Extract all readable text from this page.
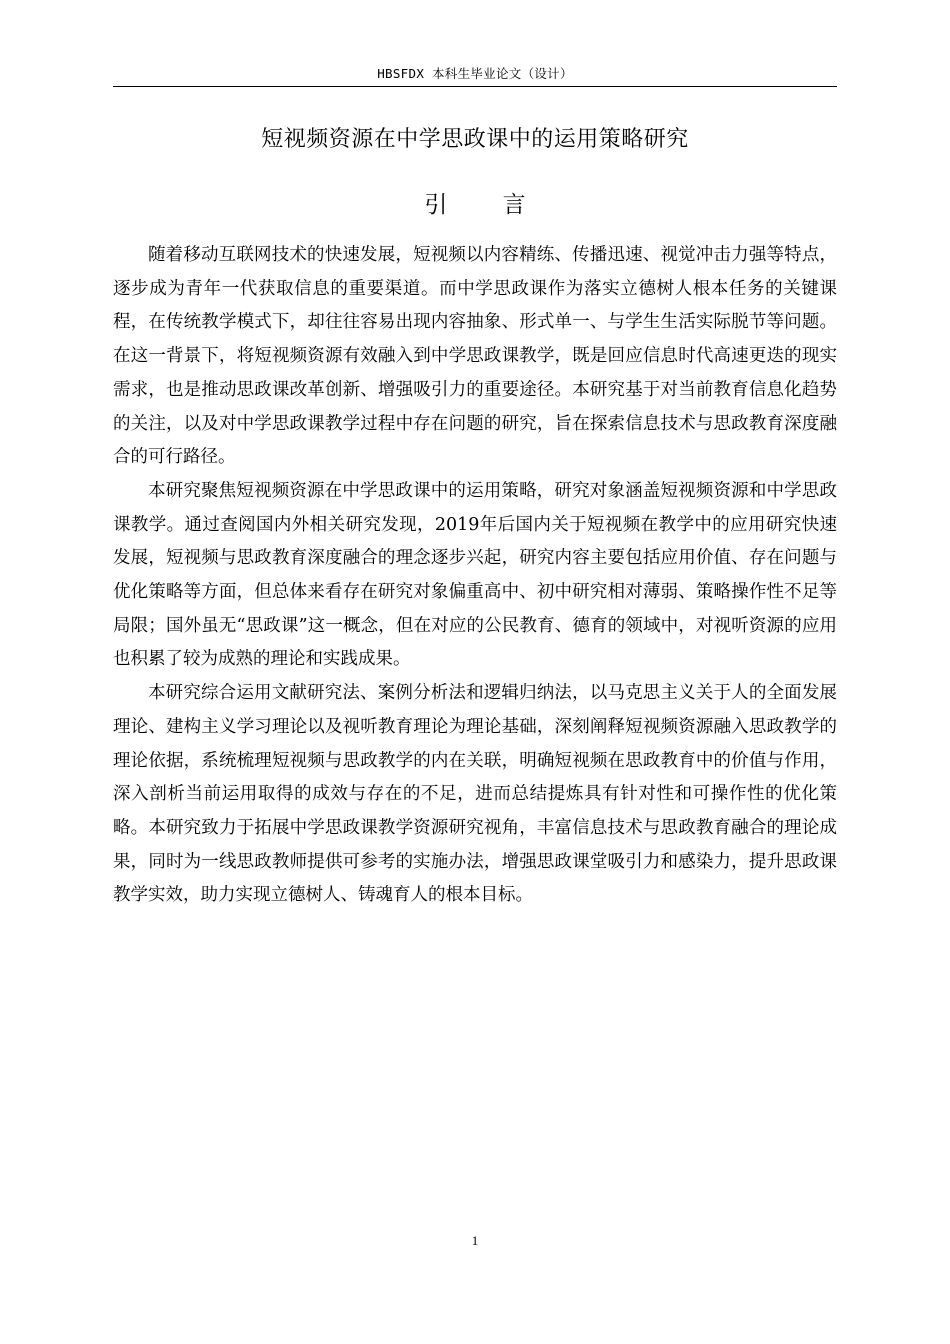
HBSFDX 本科生毕业论文（设计）
短视频资源在中学思政课中的运用策略研究
引 言

随着移动互联网技术的快速发展，短视频以内容精练、传播迅速、视觉冲击力强等特点，逐步成为青年一代获取信息的重要渠道。而中学思政课作为落实立德树人根本任务的关键课程，在传统教学模式下，却往往容易出现内容抽象、形式单一、与学生生活实际脱节等问题。在这一背景下，将短视频资源有效融入到中学思政课教学，既是回应信息时代高速更迭的现实需求，也是推动思政课改革创新、增强吸引力的重要途径。本研究基于对当前教育信息化趋势的关注，以及对中学思政课教学过程中存在问题的研究，旨在探索信息技术与思政教育深度融合的可行路径。

本研究聚焦短视频资源在中学思政课中的运用策略，研究对象涵盖短视频资源和中学思政课教学。通过查阅国内外相关研究发现，2019年后国内关于短视频在教学中的应用研究快速发展，短视频与思政教育深度融合的理念逐步兴起，研究内容主要包括应用价值、存在问题与优化策略等方面，但总体来看存在研究对象偏重高中、初中研究相对薄弱、策略操作性不足等局限；国外虽无“思政课”这一概念，但在对应的公民教育、德育的领域中，对视听资源的应用也积累了较为成熟的理论和实践成果。

本研究综合运用文献研究法、案例分析法和逻辑归纳法，以马克思主义关于人的全面发展理论、建构主义学习理论以及视听教育理论为理论基础，深刻阐释短视频资源融入思政教学的理论依据，系统梳理短视频与思政教学的内在关联，明确短视频在思政教育中的价值与作用，深入剖析当前运用取得的成效与存在的不足，进而总结提炼具有针对性和可操作性的优化策略。本研究致力于拓展中学思政课教学资源研究视角，丰富信息技术与思政教育融合的理论成果，同时为一线思政教师提供可参考的实施办法，增强思政课堂吸引力和感染力，提升思政课教学实效，助力实现立德树人、铸魂育人的根本目标。

1
